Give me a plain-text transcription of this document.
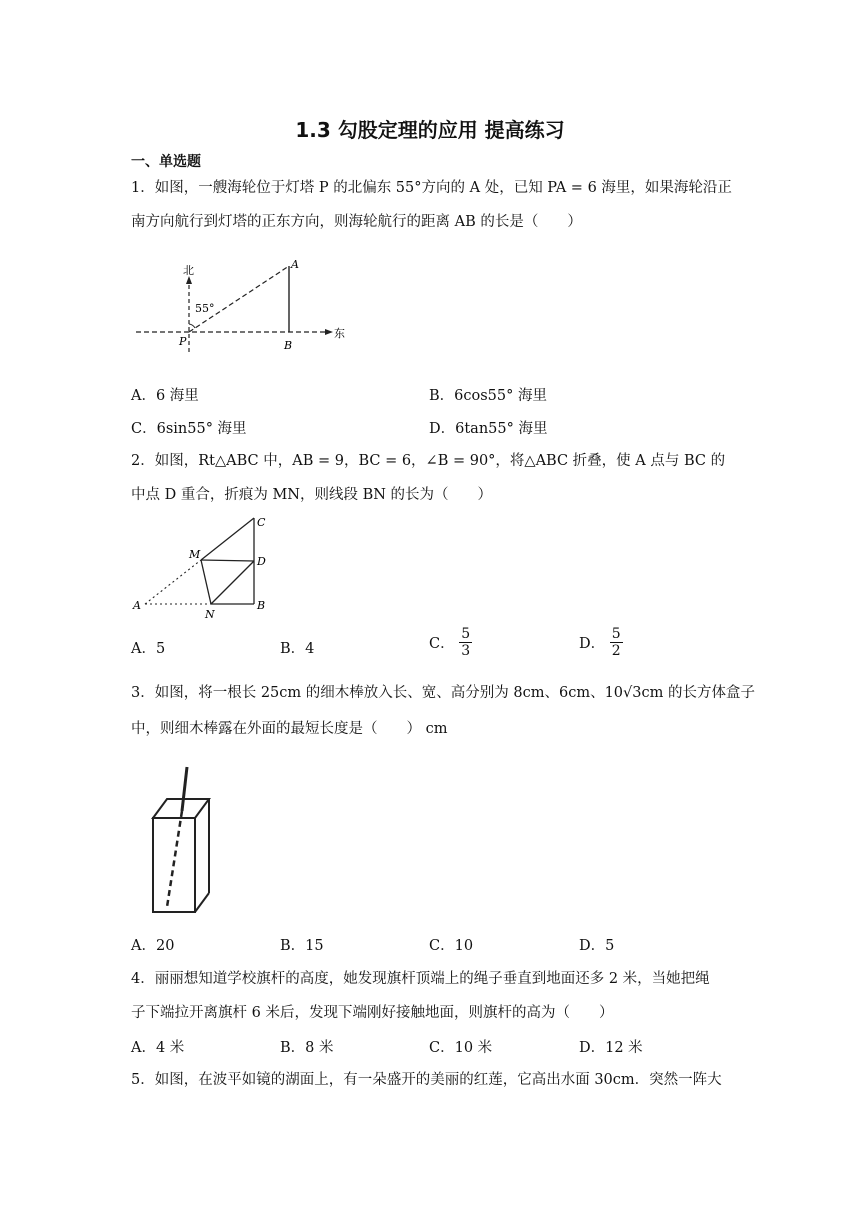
1.3 勾股定理的应用 提高练习
一、单选题
1．如图，一艘海轮位于灯塔 P 的北偏东 55°方向的 A 处，已知 PA = 6 海里，如果海轮沿正
南方向航行到灯塔的正东方向，则海轮航行的距离 AB 的长是（　　）
北
东
55°
P
A
B
A．6 海里	B．6cos55° 海里
C．6sin55° 海里	D．6tan55° 海里
2．如图，Rt△ABC 中，AB = 9，BC = 6，∠B = 90°，将△ABC 折叠，使 A 点与 BC 的
中点 D 重合，折痕为 MN，则线段 BN 的长为（　　）
C
M
D
A
N
B
A．5	B．4	C． $\frac{5}{3}$	D． $\frac{5}{2}$
3．如图，将一根长 25cm 的细木棒放入长、宽、高分别为 8cm、6cm、10√3cm 的长方体盒子
中，则细木棒露在外面的最短长度是（　　） cm
A．20	B．15	C．10	D．5
4．丽丽想知道学校旗杆的高度，她发现旗杆顶端上的绳子垂直到地面还多 2 米，当她把绳
子下端拉开离旗杆 6 米后，发现下端刚好接触地面，则旗杆的高为（　　）
A．4 米	B．8 米	C．10 米	D．12 米
5．如图，在波平如镜的湖面上，有一朵盛开的美丽的红莲，它高出水面 30cm．突然一阵大
